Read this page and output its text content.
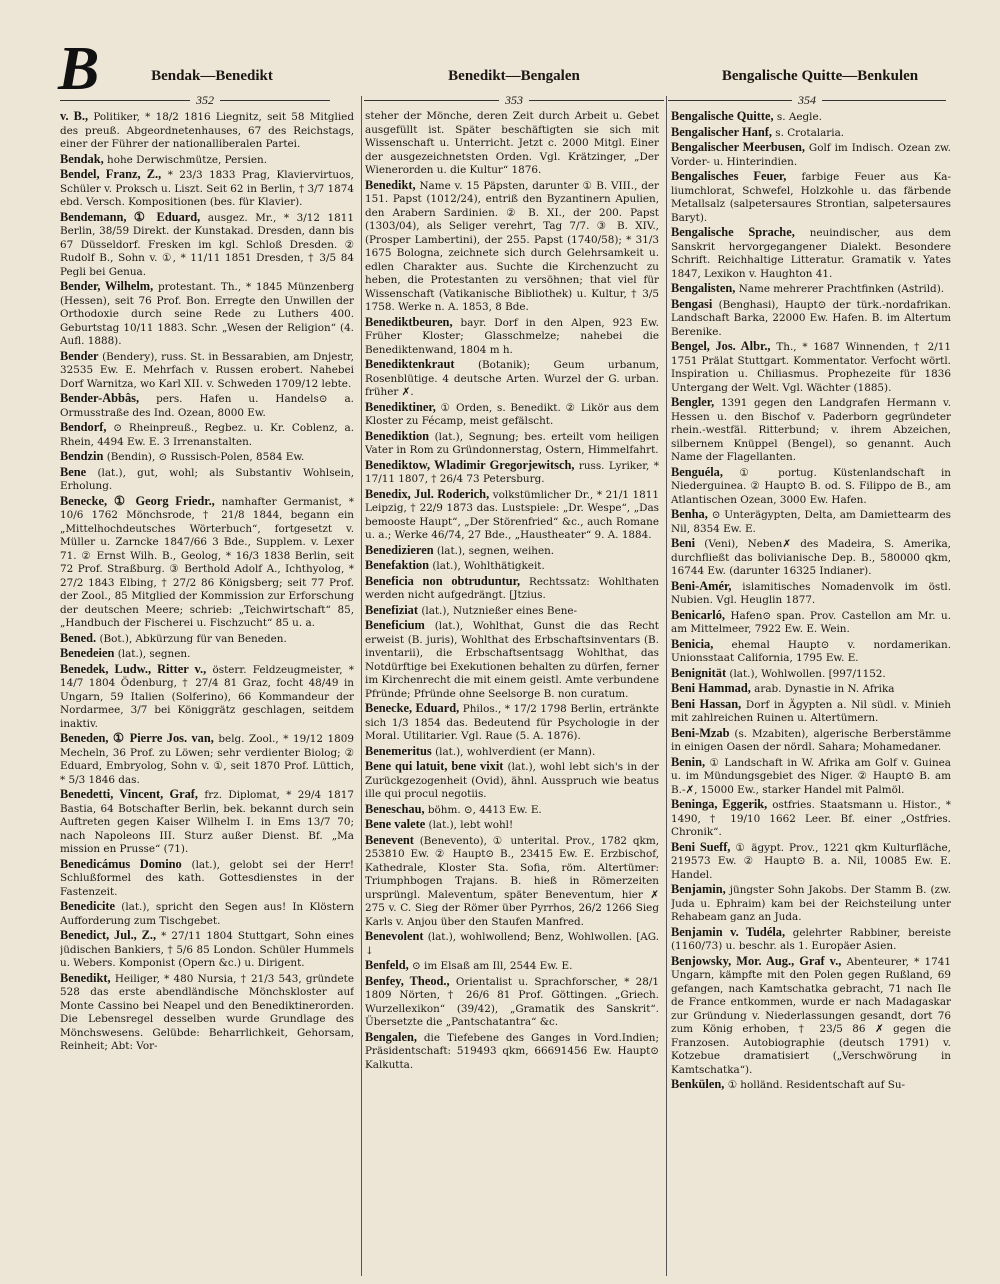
B	Bendak—Benedikt	Benedikt—Bengalen	Bengalische Quitte—Benkulen
352	353	354

v. B., Politiker, * 18/2 1816 Liegnitz, seit 58 Mitglied des preuß. Abgeordnetenhauses, 67 des Reichstags, einer der Führer der nationalliberalen Partei.

Bendak, hohe Derwischmütze, Persien.

Bendel, Franz, Z., * 23/3 1833 Prag, Klaviervirtuos, Schüler v. Proksch u. Liszt. Seit 62 in Berlin, † 3/7 1874 ebd. Versch. Kompositionen (bes. für Klavier).

Bendemann, ① Eduard, ausgez. Mr., * 3/12 1811 Berlin, 38/59 Direkt. der Kunstakad. Dresden, dann bis 67 Düsseldorf. Fresken im kgl. Schloß Dresden. ② Rudolf B., Sohn v. ①, * 11/11 1851 Dresden, † 3/5 84 Pegli bei Genua.

Bender, Wilhelm, protestant. Th., * 1845 Münzenberg (Hessen), seit 76 Prof. Bon. Erregte den Unwillen der Orthodoxie durch seine Rede zu Luthers 400. Geburtstag 10/11 1883. Schr. „Wesen der Religion“ (4. Aufl. 1888).

Bender (Bendery), russ. St. in Bessarabien, am Dnjestr, 32535 Ew. E. Mehrfach v. Russen erobert. Nahebei Dorf Warnitza, wo Karl XII. v. Schweden 1709/12 lebte.

Bender-Abbâs, pers. Hafen u. Handels⊙ a. Ormusstraße des Ind. Ozean, 8000 Ew.

Bendorf, ⊙ Rheinpreuß., Regbez. u. Kr. Coblenz, a. Rhein, 4494 Ew. E. 3 Irrenanstalten.

Bendzin (Bendin), ⊙ Russisch-Polen, 8584 Ew.

Bene (lat.), gut, wohl; als Substantiv Wohlsein, Erholung.

Benecke, ① Georg Friedr., namhafter Germanist, * 10/6 1762 Mönchsrode, † 21/8 1844, begann ein „Mittelhochdeutsches Wörterbuch“, fortgesetzt v. Müller u. Zarncke 1847/66 3 Bde., Supplem. v. Lexer 71. ② Ernst Wilh. B., Geolog, * 16/3 1838 Berlin, seit 72 Prof. Straßburg. ③ Berthold Adolf A., Ichthyolog, * 27/2 1843 Elbing, † 27/2 86 Königsberg; seit 77 Prof. der Zool., 85 Mitglied der Kommission zur Erforschung der deutschen Meere; schrieb: „Teichwirtschaft“ 85, „Handbuch der Fischerei u. Fischzucht“ 85 u. a.

Bened. (Bot.), Abkürzung für van Beneden.

Benedeien (lat.), segnen.

Benedek, Ludw., Ritter v., österr. Feldzeugmeister, * 14/7 1804 Ödenburg, † 27/4 81 Graz, focht 48/49 in Ungarn, 59 Italien (Solferino), 66 Kommandeur der Nordarmee, 3/7 bei Königgrätz geschlagen, seitdem inaktiv.

Beneden, ① Pierre Jos. van, belg. Zool., * 19/12 1809 Mecheln, 36 Prof. zu Löwen; sehr verdienter Biolog; ② Eduard, Embryolog, Sohn v. ①, seit 1870 Prof. Lüttich, * 5/3 1846 das.

Benedetti, Vincent, Graf, frz. Diplomat, * 29/4 1817 Bastia, 64 Botschafter Berlin, bek. bekannt durch sein Auftreten gegen Kaiser Wilhelm I. in Ems 13/7 70; nach Napoleons III. Sturz außer Dienst. Bf. „Ma mission en Prusse“ (71).

Benedicámus Domino (lat.), gelobt sei der Herr! Schlußformel des kath. Gottesdienstes in der Fastenzeit.

Benedicite (lat.), spricht den Segen aus! In Klöstern Aufforderung zum Tischgebet.

Benedict, Jul., Z., * 27/11 1804 Stuttgart, Sohn eines jüdischen Bankiers, † 5/6 85 London. Schüler Hummels u. Webers. Komponist (Opern &c.) u. Dirigent.

Benedikt, Heiliger, * 480 Nursia, † 21/3 543, gründete 528 das erste abendländische Mönchskloster auf Monte Cassino bei Neapel und den Benediktinerorden. Die Lebensregel desselben wurde Grundlage des Mönchswesens. Gelübde: Beharrlichkeit, Gehorsam, Reinheit; Abt: Vor-

steher der Mönche, deren Zeit durch Arbeit u. Gebet ausgefüllt ist. Später beschäftigten sie sich mit Wissenschaft u. Unterricht. Jetzt c. 2000 Mitgl. Einer der ausgezeichnetsten Orden. Vgl. Krätzinger, „Der Wienerorden u. die Kultur“ 1876.

Benedikt, Name v. 15 Päpsten, darunter ① B. VIII., der 151. Papst (1012/24), entriß den Byzantinern Apulien, den Arabern Sardinien. ② B. XI., der 200. Papst (1303/04), als Seliger verehrt, Tag 7/7. ③ B. XIV., (Prosper Lambertini), der 255. Papst (1740/58); * 31/3 1675 Bologna, zeichnete sich durch Gelehrsamkeit u. edlen Charakter aus. Suchte die Kirchenzucht zu heben, die Protestanten zu versöhnen; that viel für Wissenschaft (Vatikanische Bibliothek) u. Kultur, † 3/5 1758. Werke n. A. 1853, 8 Bde.

Benediktbeuren, bayr. Dorf in den Alpen, 923 Ew. Früher Kloster; Glasschmelze; nahebei die Benediktenwand, 1804 m h.

Benediktenkraut (Botanik); Geum urbanum, Rosenblütige. 4 deutsche Arten. Wurzel der G. urban. früher ✗.

Benediktiner, ① Orden, s. Benedikt. ② Likör aus dem Kloster zu Fécamp, meist gefälscht.

Benediktion (lat.), Segnung; bes. erteilt vom heiligen Vater in Rom zu Gründonnerstag, Ostern, Himmelfahrt.

Benediktow, Wladimir Gregorjewitsch, russ. Lyriker, * 17/11 1807, † 26/4 73 Petersburg.

Benedix, Jul. Roderich, volkstümlicher Dr., * 21/1 1811 Leipzig, † 22/9 1873 das. Lustspiele: „Dr. Wespe“, „Das bemooste Haupt“, „Der Störenfried“ &c., auch Romane u. a.; Werke 46/74, 27 Bde., „Haustheater“ 9. A. 1884.

Benedizieren (lat.), segnen, weihen.

Benefaktion (lat.), Wohlthätigkeit.

Beneficia non obtruduntur, Rechtssatz: Wohlthaten werden nicht aufgedrängt. [Jtzius.

Benefiziat (lat.), Nutznießer eines Bene-

Beneficium (lat.), Wohlthat, Gunst die das Recht erweist (B. juris), Wohlthat des Erbschaftsinventars (B. inventarii), die Erbschaftsentsagg Wohlthat, das Notdürftige bei Exekutionen behalten zu dürfen, ferner im Kirchenrecht die mit einem geistl. Amte verbundene Pfründe; Pfründe ohne Seelsorge B. non curatum.

Benecke, Eduard, Philos., * 17/2 1798 Berlin, ertränkte sich 1/3 1854 das. Bedeutend für Psychologie in der Moral. Utilitarier. Vgl. Raue (5. A. 1876).

Benemeritus (lat.), wohlverdient (er Mann).

Bene qui latuit, bene vixit (lat.), wohl lebt sich's in der Zurückgezogenheit (Ovid), ähnl. Ausspruch wie beatus ille qui procul negotiis.

Beneschau, böhm. ⊙, 4413 Ew. E.

Bene valete (lat.), lebt wohl!

Benevent (Benevento), ① unterital. Prov., 1782 qkm, 253810 Ew. ② Haupt⊙ B., 23415 Ew. E. Erzbischof, Kathedrale, Kloster Sta. Sofia, röm. Altertümer: Triumphbogen Trajans. B. hieß in Römerzeiten ursprüngl. Maleventum, später Beneventum, hier ✗ 275 v. C. Sieg der Römer über Pyrrhos, 26/2 1266 Sieg Karls v. Anjou über den Staufen Manfred.

Benevolent (lat.), wohlwollend; Benz, Wohlwollen. [AG. ↓

Benfeld, ⊙ im Elsaß am Ill, 2544 Ew. E.

Benfey, Theod., Orientalist u. Sprachforscher, * 28/1 1809 Nörten, † 26/6 81 Prof. Göttingen. „Griech. Wurzellexikon“ (39/42), „Gramatik des Sanskrit“. Übersetzte die „Pantschatantra“ &c.

Bengalen, die Tiefebene des Ganges in Vord.Indien; Präsidentschaft: 519493 qkm, 66691456 Ew. Haupt⊙ Kalkutta.

Bengalische Quitte, s. Aegle.

Bengalischer Hanf, s. Crotalaria.

Bengalischer Meerbusen, Golf im Indisch. Ozean zw. Vorder- u. Hinterindien.

Bengalisches Feuer, farbige Feuer aus Kaliumchlorat, Schwefel, Holzkohle u. das färbende Metallsalz (salpetersaures Strontian, salpetersaures Baryt).

Bengalische Sprache, neuindischer, aus dem Sanskrit hervorgegangener Dialekt. Besondere Schrift. Reichhaltige Litteratur. Gramatik v. Yates 1847, Lexikon v. Haughton 41.

Bengalisten, Name mehrerer Prachtfinken (Astrild).

Bengasi (Benghasi), Haupt⊙ der türk.-nordafrikan. Landschaft Barka, 22000 Ew. Hafen. B. im Altertum Berenike.

Bengel, Jos. Albr., Th., * 1687 Winnenden, † 2/11 1751 Prälat Stuttgart. Kommentator. Verfocht wörtl. Inspiration u. Chiliasmus. Prophezeite für 1836 Untergang der Welt. Vgl. Wächter (1885).

Bengler, 1391 gegen den Landgrafen Hermann v. Hessen u. den Bischof v. Paderborn gegründeter rhein.-westfäl. Ritterbund; v. ihrem Abzeichen, silbernem Knüppel (Bengel), so genannt. Auch Name der Flagellanten.

Benguéla, ① portug. Küstenlandschaft in Niederguinea. ② Haupt⊙ B. od. S. Filippo de B., am Atlantischen Ozean, 3000 Ew. Hafen.

Benha, ⊙ Unterägypten, Delta, am Damiettearm des Nil, 8354 Ew. E.

Beni (Veni), Neben✗ des Madeira, S. Amerika, durchfließt das bolivianische Dep. B., 580000 qkm, 16744 Ew. (darunter 16325 Indianer).

Beni-Amér, islamitisches Nomadenvolk im östl. Nubien. Vgl. Heuglin 1877.

Benicarló, Hafen⊙ span. Prov. Castellon am Mr. u. am Mittelmeer, 7922 Ew. E. Wein.

Benicia, ehemal Haupt⊙ v. nordamerikan. Unionsstaat California, 1795 Ew. E.

Benignität (lat.), Wohlwollen. [997/1152.

Beni Hammad, arab. Dynastie in N. Afrika

Beni Hassan, Dorf in Ägypten a. Nil südl. v. Minieh mit zahlreichen Ruinen u. Altertümern.

Beni-Mzab (s. Mzabiten), algerische Berberstämme in einigen Oasen der nördl. Sahara; Mohamedaner.

Benin, ① Landschaft in W. Afrika am Golf v. Guinea u. im Mündungsgebiet des Niger. ② Haupt⊙ B. am B.-✗, 15000 Ew., starker Handel mit Palmöl.

Beninga, Eggerik, ostfries. Staatsmann u. Histor., * 1490, † 19/10 1662 Leer. Bf. einer „Ostfries. Chronik“.

Beni Sueff, ① ägypt. Prov., 1221 qkm Kulturfläche, 219573 Ew. ② Haupt⊙ B. a. Nil, 10085 Ew. E. Handel.

Benjamin, jüngster Sohn Jakobs. Der Stamm B. (zw. Juda u. Ephraim) kam bei der Reichsteilung unter Rehabeam ganz an Juda.

Benjamin v. Tudéla, gelehrter Rabbiner, bereiste (1160/73) u. beschr. als 1. Europäer Asien.

Benjowsky, Mor. Aug., Graf v., Abenteurer, * 1741 Ungarn, kämpfte mit den Polen gegen Rußland, 69 gefangen, nach Kamtschatka gebracht, 71 nach Ile de France entkommen, wurde er nach Madagaskar zur Gründung v. Niederlassungen gesandt, dort 76 zum König erhoben, † 23/5 86 ✗ gegen die Franzosen. Autobiographie (deutsch 1791) v. Kotzebue dramatisiert („Verschwörung in Kamtschatka“).

Benkülen, ① holländ. Residentschaft auf Su-
